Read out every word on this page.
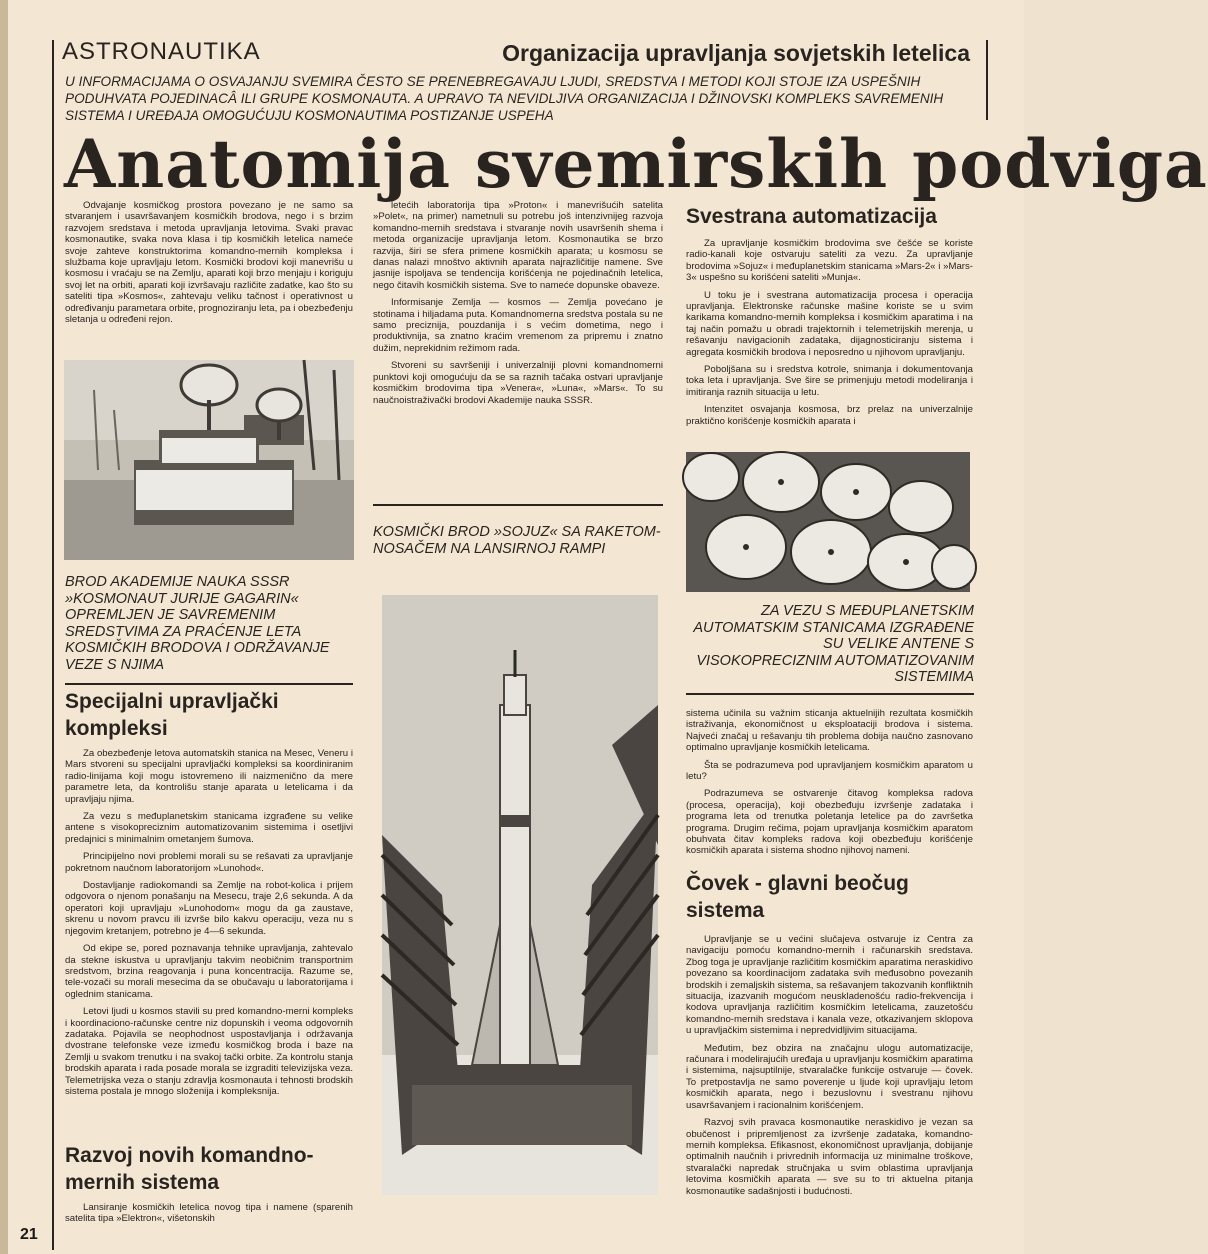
ASTRONAUTIKA	Organizacija upravljanja sovjetskih letelica
U INFORMACIJAMA O OSVAJANJU SVEMIRA ČESTO SE PRENEBREGAVAJU LJUDI, SREDSTVA I METODI KOJI STOJE IZA USPEŠNIH PODUHVATA POJEDINACÂ ILI GRUPE KOSMONAUTA. A UPRAVO TA NEVIDLJIVA ORGANIZACIJA I DŽINOVSKI KOMPLEKS SAVREMENIH SISTEMA I UREĐAJA OMOGUĆUJU KOSMONAUTIMA POSTIZANJE USPEHA
Anatomija svemirskih podviga

Odvajanje kosmičkog prostora povezano je ne samo sa stvaranjem i usavršavanjem kosmičkih brodova, nego i s brzim razvojem sredstava i metoda upravljanja letovima. Svaki pravac kosmonautike, svaka nova klasa i tip kosmičkih letelica nameće svoje zahteve konstruktorima komandno-mernih kompleksa i službama koje upravljaju letom. Kosmički brodovi koji manevrišu u kosmosu i vraćaju se na Zemlju, aparati koji brzo menjaju i koriguju svoj let na orbiti, aparati koji izvršavaju različite zadatke, kao što su sateliti tipa »Kosmos«, zahtevaju veliku tačnost i operativnost u određivanju parametara orbite, prognoziranju leta, pa i obezbeđenju sletanja u određeni rejon.

BROD AKADEMIJE NAUKA SSSR »KOSMONAUT JURIJE GAGARIN« OPREMLJEN JE SAVREMENIM SREDSTVIMA ZA PRAĆENJE LETA KOSMIČKIH BRODOVA I ODRŽAVANJE VEZE S NJIMA
Specijalni upravljački kompleksi

Za obezbeđenje letova automatskih stanica na Mesec, Veneru i Mars stvoreni su specijalni upravljački kompleksi sa koordiniranim radio-linijama koji mogu istovremeno ili naizmenično da mere parametre leta, da kontrolišu stanje aparata u letelicama i da upravljaju njima.

Za vezu s međuplanetskim stanicama izgrađene su velike antene s visokopreciznim automatizovanim sistemima i osetljivi predajnici s minimalnim ometanjem šumova.

Principijelno novi problemi morali su se rešavati za upravljanje pokretnom naučnom laboratorijom »Lunohod«.

Dostavljanje radiokomandi sa Zemlje na robot-kolica i prijem odgovora o njenom ponašanju na Mesecu, traje 2,6 sekunda. A da operatori koji upravljaju »Lunohodom« mogu da ga zaustave, skrenu u novom pravcu ili izvrše bilo kakvu operaciju, veza nu s njegovim kretanjem, potrebno je 4—6 sekunda.

Od ekipe se, pored poznavanja tehnike upravljanja, zahtevalo da stekne iskustva u upravljanju takvim neobičnim transportnim sredstvom, brzina reagovanja i puna koncentracija. Razume se, tele-vozači su morali mesecima da se obučavaju u laboratorijama i oglednim stanicama.

Letovi ljudi u kosmos stavili su pred komandno-merni kompleks i koordinaciono-računske centre niz dopunskih i veoma odgovornih zadataka. Pojavila se neophodnost uspostavljanja i održavanja dvostrane telefonske veze između kosmičkog broda i baze na Zemlji u svakom trenutku i na svakoj tački orbite. Za kontrolu stanja brodskih aparata i rada posade morala se izgraditi televizijska veza. Telemetrijska veza o stanju zdravlja kosmonauta i tehnosti brodskih sistema postala je mnogo složenija i kompleksnija.

Razvoj novih komandno-mernih sistema

Lansiranje kosmičkih letelica novog tipa i namene (sparenih satelita tipa »Elektron«, višetonskih

letećih laboratorija tipa »Proton« i manevrišućih satelita »Polet«, na primer) nametnuli su potrebu još intenzivnijeg razvoja komandno-mernih sredstava i stvaranje novih usavršenih shema i metoda organizacije upravljanja letom. Kosmonautika se brzo razvija, širi se sfera primene kosmičkih aparata; u kosmosu se danas nalazi mnoštvo aktivnih aparata najrazličitije namene. Sve jasnije ispoljava se tendencija korišćenja ne pojedinačnih letelica, nego čitavih kosmičkih sistema. Sve to nameće dopunske obaveze.

Informisanje Zemlja — kosmos — Zemlja povećano je stotinama i hiljadama puta. Komandnomerna sredstva postala su ne samo preciznija, pouzdanija i s većim dometima, nego i produktivnija, sa znatno kraćim vremenom za pripremu i znatno dužim, neprekidnim režimom rada.

Stvoreni su savršeniji i univerzalniji plovni komandnomerni punktovi koji omogućuju da se sa raznih tačaka ostvari upravljanje kosmičkim brodovima tipa »Venera«, »Luna«, »Mars«. To su naučnoistraživački brodovi Akademije nauka SSSR.

KOSMIČKI BROD »SOJUZ« SA RAKETOM-NOSAČEM NA LANSIRNOJ RAMPI
Svestrana automatizacija

Za upravljanje kosmičkim brodovima sve češće se koriste radio-kanali koje ostvaruju sateliti za vezu. Za upravljanje brodovima »Sojuz« i međuplanetskim stanicama »Mars-2« i »Mars-3« uspešno su korišćeni sateliti »Munja«.

U toku je i svestrana automatizacija procesa i operacija upravljanja. Elektronske računske mašine koriste se u svim karikama komandno-mernih kompleksa i kosmičkim aparatima i na taj način pomažu u obradi trajektornih i telemetrijskih merenja, u rešavanju navigacionih zadataka, dijagnosticiranju sistema i agregata kosmičkih brodova i neposredno u njihovom upravljanju.

Poboljšana su i sredstva kotrole, snimanja i dokumentovanja toka leta i upravljanja. Sve šire se primenjuju metodi modeliranja i imitiranja raznih situacija u letu.

Intenzitet osvajanja kosmosa, brz prelaz na univerzalnije praktično korišćenje kosmičkih aparata i

ZA VEZU S MEĐUPLANETSKIM AUTOMATSKIM STANICAMA IZGRAĐENE SU VELIKE ANTENE S VISOKOPRECIZNIM AUTOMATIZOVANIM SISTEMIMA

sistema učinila su važnim sticanja aktuelnijih rezultata kosmičkih istraživanja, ekonomičnost u eksploataciji brodova i sistema. Najveći značaj u rešavanju tih problema dobija naučno zasnovano optimalno upravljanje kosmičkih letelicama.

Šta se podrazumeva pod upravljanjem kosmičkim aparatom u letu?

Podrazumeva se ostvarenje čitavog kompleksa radova (procesa, operacija), koji obezbeđuju izvršenje zadataka i programa leta od trenutka poletanja letelice pa do završetka programa. Drugim rečima, pojam upravljanja kosmičkim aparatom obuhvata čitav kompleks radova koji obezbeđuju korišćenje kosmičkih aparata i sistema shodno njihovoj nameni.

Čovek - glavni beočug sistema

Upravljanje se u većini slučajeva ostvaruje iz Centra za navigaciju pomoću komandno-mernih i računarskih sredstava. Zbog toga je upravljanje različitim kosmičkim aparatima neraskidivo povezano sa koordinacijom zadataka svih međusobno povezanih brodskih i zemaljskih sistema, sa rešavanjem takozvanih konfliktnih situacija, izazvanih mogućom neuskladenošću radio-frekvencija i kodova upravljanja različitim kosmičkim letelicama, zauzetošću komandno-mernih sredstava i kanala veze, otkazivanjem sklopova u upravljačkim sistemima i nepredvidljivim situacijama.

Međutim, bez obzira na značajnu ulogu automatizacije, računara i modelirajućih uređaja u upravljanju kosmičkim aparatima i sistemima, najsuptilnije, stvaralačke funkcije ostvaruje — čovek. To pretpostavlja ne samo poverenje u ljude koji upravljaju letom kosmičkih aparata, nego i bezuslovnu i svestranu njihovu usavršavanjem i racionalnim korišćenjem.

Razvoj svih pravaca kosmonautike neraskidivo je vezan sa obučenost i pripremljenost za izvršenje zadataka, komandno-mernih kompleksa. Efikasnost, ekonomičnost upravljanja, dobijanje optimalnih naučnih i privrednih informacija uz minimalne troškove, stvaralački napredak stručnjaka u svim oblastima upravljanja letovima kosmičkih aparata — sve su to tri aktuelna pitanja kosmonautike sadašnjosti i budućnosti.

21
